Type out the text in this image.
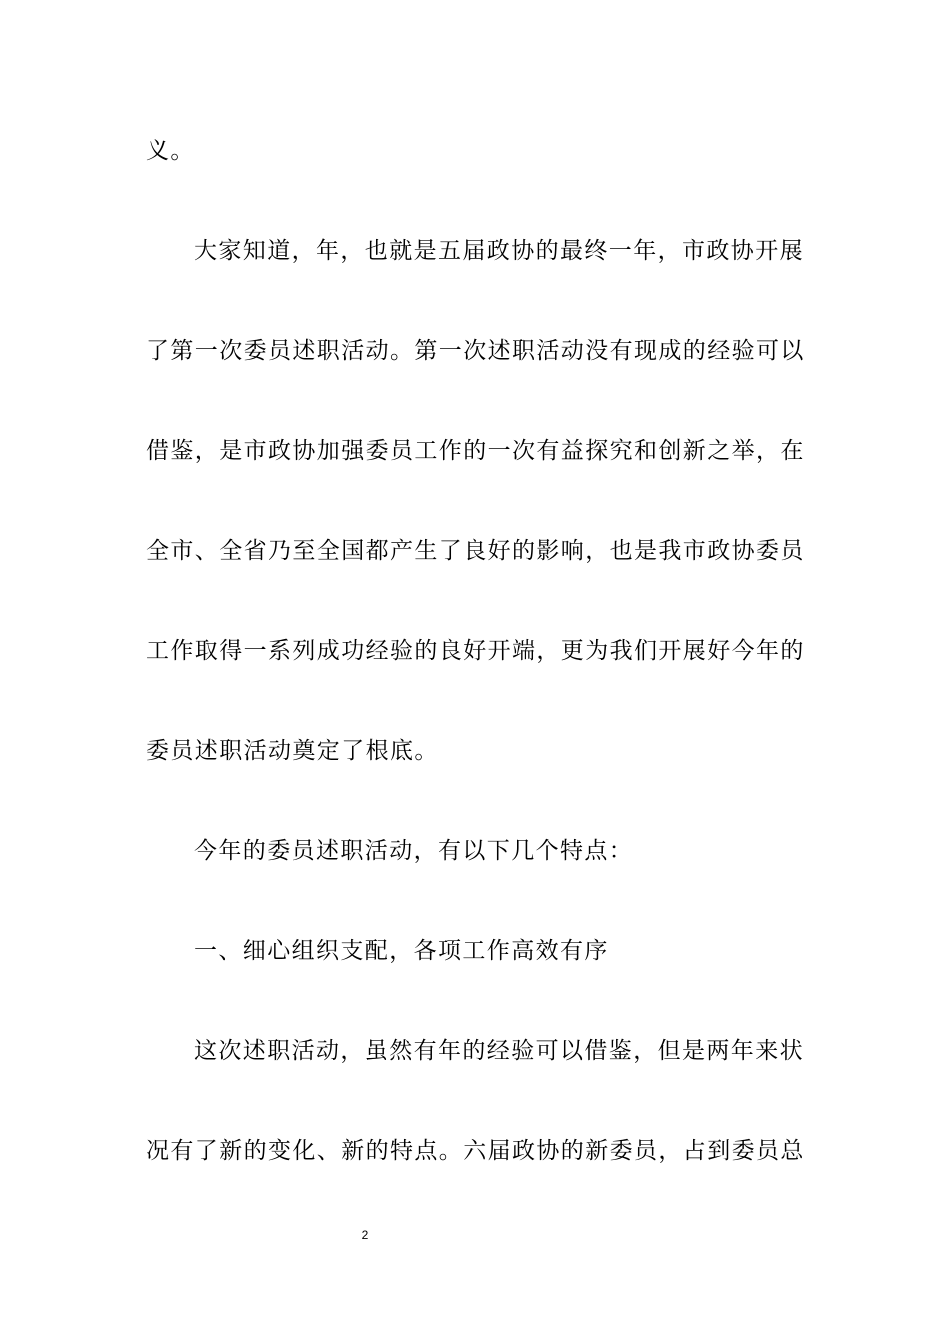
义。
大家知道，年，也就是五届政协的最终一年，市政协开展
了第一次委员述职活动。第一次述职活动没有现成的经验可以
借鉴，是市政协加强委员工作的一次有益探究和创新之举，在
全市、全省乃至全国都产生了良好的影响，也是我市政协委员
工作取得一系列成功经验的良好开端，更为我们开展好今年的
委员述职活动奠定了根底。
今年的委员述职活动，有以下几个特点：
一、细心组织支配，各项工作高效有序
这次述职活动，虽然有年的经验可以借鉴，但是两年来状
况有了新的变化、新的特点。六届政协的新委员，占到委员总
2
